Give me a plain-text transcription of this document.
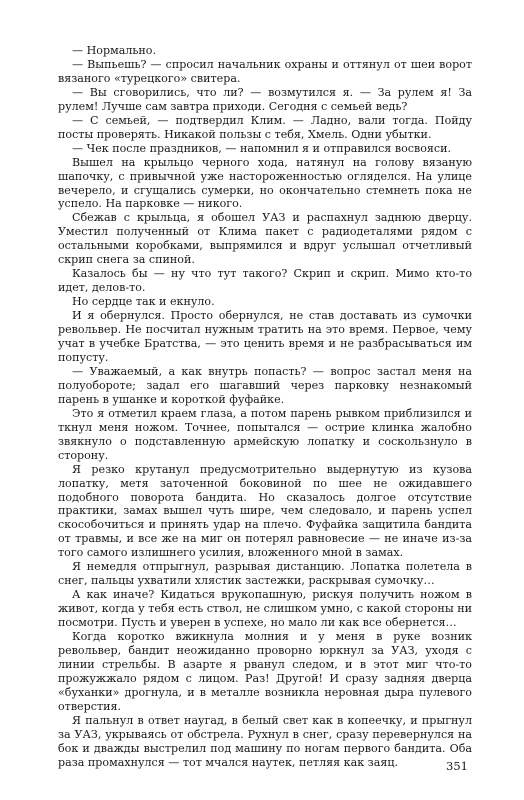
— Нормально.

— Выпьешь? — спросил начальник охраны и оттянул от шеи ворот вязаного «турецкого» свитера.

— Вы сговорились, что ли? — возмутился я. — За рулем я! За рулем! Лучше сам завтра приходи. Сегодня с семьей ведь?

— С семьей, — подтвердил Клим. — Ладно, вали тогда. Пойду посты проверять. Никакой пользы с тебя, Хмель. Одни убытки.

— Чек после праздников, — напомнил я и отправился восвояси.

Вышел на крыльцо черного хода, натянул на голову вязаную шапочку, с привычной уже настороженностью огляделся. На улице вечерело, и сгущались сумерки, но окончательно стемнеть пока не успело. На парковке — никого.

Сбежав с крыльца, я обошел УАЗ и распахнул заднюю дверцу. Уместил полученный от Клима пакет с радиодеталями рядом с остальными коробками, выпрямился и вдруг услышал отчетливый скрип снега за спиной.

Казалось бы — ну что тут такого? Скрип и скрип. Мимо кто-то идет, делов-то.

Но сердце так и екнуло.

И я обернулся. Просто обернулся, не став доставать из сумочки револьвер. Не посчитал нужным тратить на это время. Первое, чему учат в учебке Братства, — это ценить время и не разбрасываться им попусту.

— Уважаемый, а как внутрь попасть? — вопрос застал меня на полуобороте; задал его шагавший через парковку незнакомый парень в ушанке и короткой фуфайке.

Это я отметил краем глаза, а потом парень рывком приблизился и ткнул меня ножом. Точнее, попытался — острие клинка жалобно звякнуло о подставленную армейскую лопатку и соскользнуло в сторону.

Я резко крутанул предусмотрительно выдернутую из кузова лопатку, метя заточенной боковиной по шее не ожидавшего подобного поворота бандита. Но сказалось долгое отсутствие практики, замах вышел чуть шире, чем следовало, и парень успел скособочиться и принять удар на плечо. Фуфайка защитила бандита от травмы, и все же на миг он потерял равновесие — не иначе из-за того самого излишнего усилия, вложенного мной в замах.

Я немедля отпрыгнул, разрывая дистанцию. Лопатка полетела в снег, пальцы ухватили хлястик застежки, раскрывая сумочку…

А как иначе? Кидаться врукопашную, рискуя получить ножом в живот, когда у тебя есть ствол, не слишком умно, с какой стороны ни посмотри. Пусть и уверен в успехе, но мало ли как все обернется…

Когда коротко вжикнула молния и у меня в руке возник револьвер, бандит неожиданно проворно юркнул за УАЗ, уходя с линии стрельбы. В азарте я рванул следом, и в этот миг что-то прожужжало рядом с лицом. Раз! Другой! И сразу задняя дверца «буханки» дрогнула, и в металле возникла неровная дыра пулевого отверстия.

Я пальнул в ответ наугад, в белый свет как в копеечку, и прыгнул за УАЗ, укрываясь от обстрела. Рухнул в снег, сразу перевернулся на бок и дважды выстрелил под машину по ногам первого бандита. Оба раза промахнулся — тот мчался наутек, петляя как заяц.	351
